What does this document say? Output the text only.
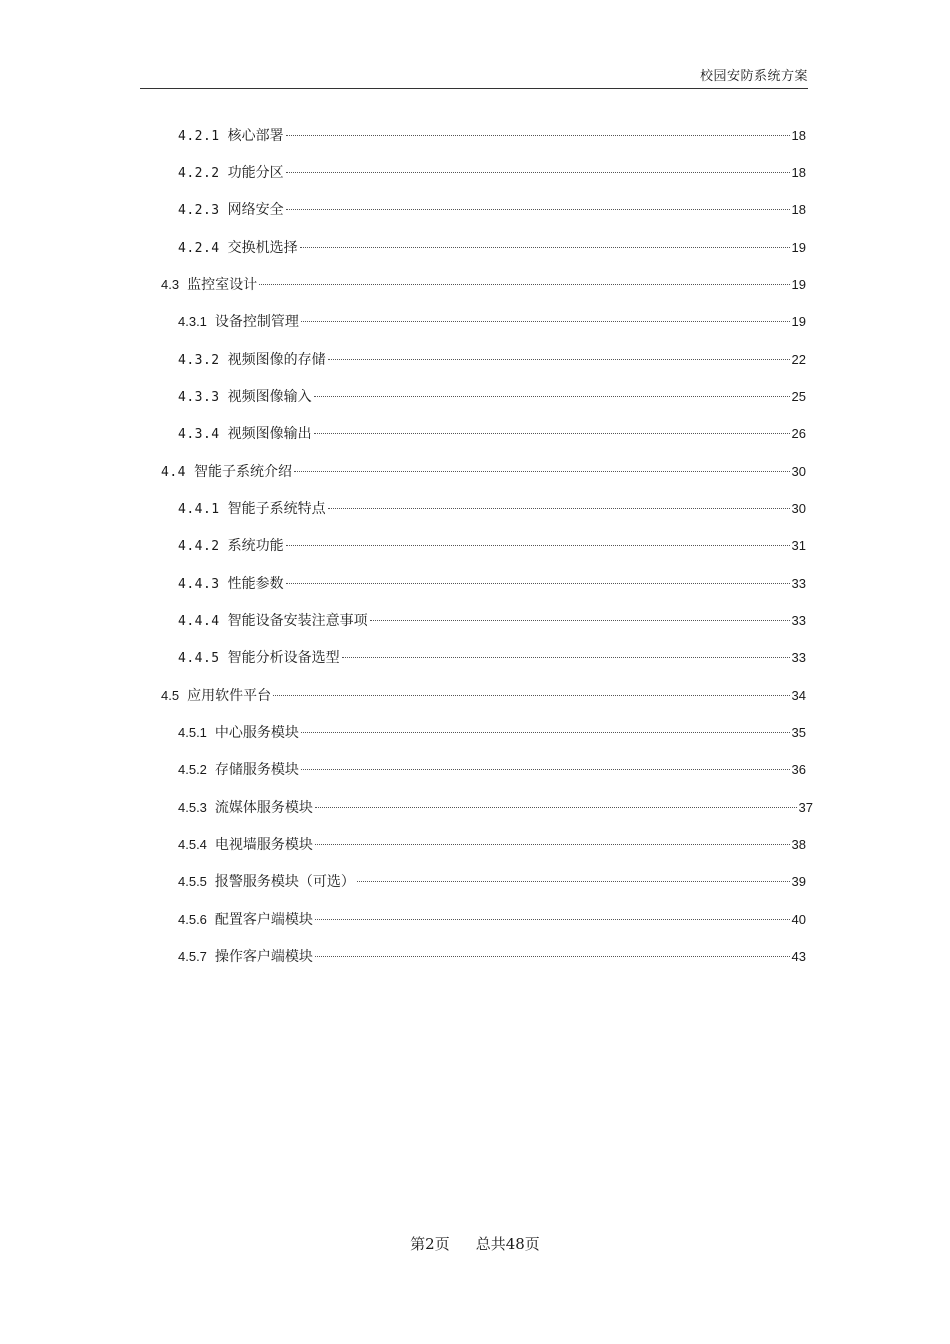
校园安防系统方案
4.2.1 核心部署	18
4.2.2 功能分区	18
4.2.3 网络安全	18
4.2.4 交换机选择	19
4.3 监控室设计	19
4.3.1 设备控制管理	19
4.3.2 视频图像的存储	22
4.3.3 视频图像输入	25
4.3.4 视频图像输出	26
4.4 智能子系统介绍	30
4.4.1 智能子系统特点	30
4.4.2 系统功能	31
4.4.3 性能参数	33
4.4.4 智能设备安装注意事项	33
4.4.5 智能分析设备选型	33
4.5 应用软件平台	34
4.5.1 中心服务模块	35
4.5.2 存储服务模块	36
4.5.3 流媒体服务模块	37
4.5.4 电视墙服务模块	38
4.5.5 报警服务模块（可选）	39
4.5.6 配置客户端模块	40
4.5.7 操作客户端模块	43
第2页 总共48页
